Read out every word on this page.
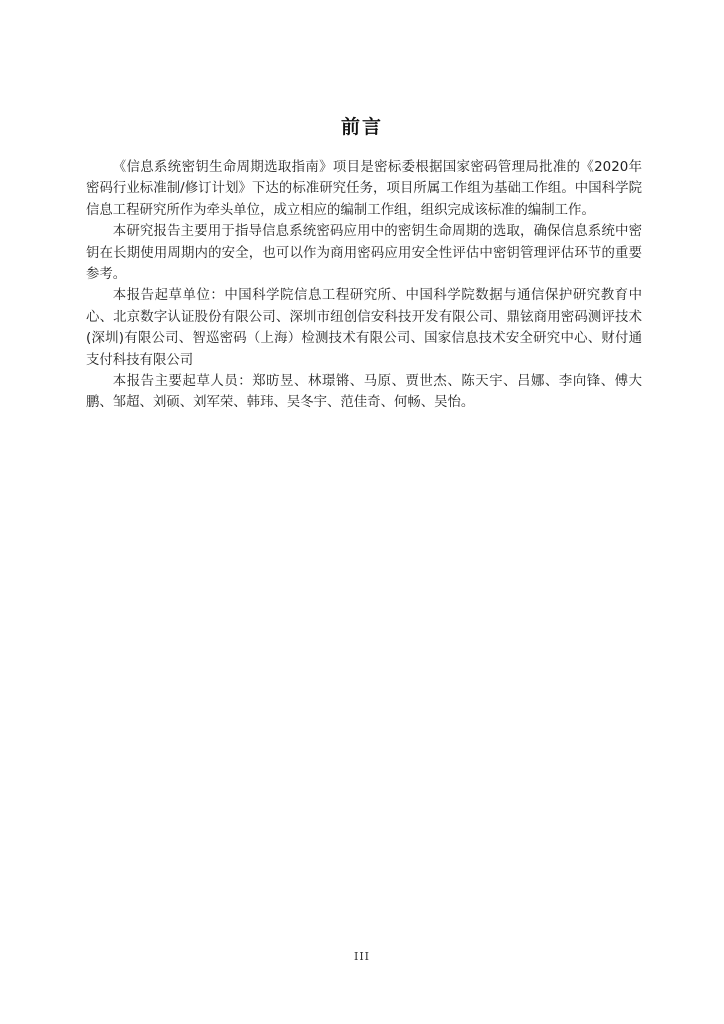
前言

《信息系统密钥生命周期选取指南》项目是密标委根据国家密码管理局批准的《2020年密码行业标准制/修订计划》下达的标准研究任务，项目所属工作组为基础工作组。中国科学院信息工程研究所作为牵头单位，成立相应的编制工作组，组织完成该标准的编制工作。

本研究报告主要用于指导信息系统密码应用中的密钥生命周期的选取，确保信息系统中密钥在长期使用周期内的安全，也可以作为商用密码应用安全性评估中密钥管理评估环节的重要参考。

本报告起草单位：中国科学院信息工程研究所、中国科学院数据与通信保护研究教育中心、北京数字认证股份有限公司、深圳市纽创信安科技开发有限公司、鼎铉商用密码测评技术(深圳)有限公司、智巡密码（上海）检测技术有限公司、国家信息技术安全研究中心、财付通支付科技有限公司

本报告主要起草人员：郑昉昱、林璟锵、马原、贾世杰、陈天宇、吕娜、李向锋、傅大鹏、邹超、刘硕、刘军荣、韩玮、吴冬宇、范佳奇、何畅、吴怡。

III
